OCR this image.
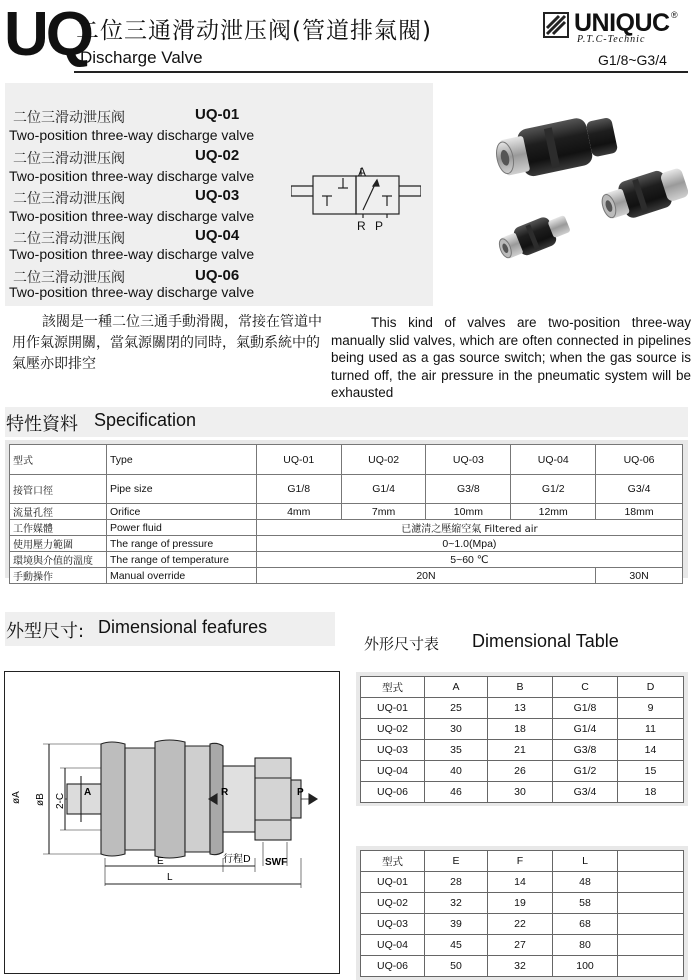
UQ
二位三通滑动泄压阀(管道排氣閥)
Discharge Valve
UNIQUC ®
P.T.C-Technic
G1/8~G3/4
二位三滑动泄压阀	UQ-01
Two-position three-way discharge valve
二位三滑动泄压阀	UQ-02
Two-position three-way discharge valve
二位三滑动泄压阀	UQ-03
Two-position three-way discharge valve
二位三滑动泄压阀	UQ-04
Two-position three-way discharge valve
二位三滑动泄压阀	UQ-06
Two-position three-way discharge valve
A
R P
該閥是一種二位三通手動滑閥，常接在管道中用作氣源開關，當氣源關閉的同時，氣動系統中的氣壓亦即排空
This kind of valves are two-position three-way manually slid valves, which are often connected in pipelines being used as a gas source switch; when the gas source is turned off, the air pressure in the pneumatic system will be exhausted
特性資料 Specification
型式	Type	UQ-01	UQ-02	UQ-03	UQ-04	UQ-06
接管口徑	Pipe size	G1/8	G1/4	G3/8	G1/2	G3/4
流量孔徑	Orifice	4mm	7mm	10mm	12mm	18mm
工作媒體	Power fluid	已濾清之壓縮空氣 Filtered air				
使用壓力範圍	The range of pressure	0~1.0(Mpa)				
環境與介值的溫度	The range of temperature	5~60 ℃				
手動操作	Manual override	20N				30N
外型尺寸: Dimensional feafures
外形尺寸表 Dimensional Table
øA øB 2-C
A	R	P
E	行程D SWF
L
型式	A	B	C	D
UQ-01	25	13	G1/8	9
UQ-02	30	18	G1/4	11
UQ-03	35	21	G3/8	14
UQ-04	40	26	G1/2	15
UQ-06	46	30	G3/4	18
型式	E	F	L	
UQ-01	28	14	48	
UQ-02	32	19	58	
UQ-03	39	22	68	
UQ-04	45	27	80	
UQ-06	50	32	100	
